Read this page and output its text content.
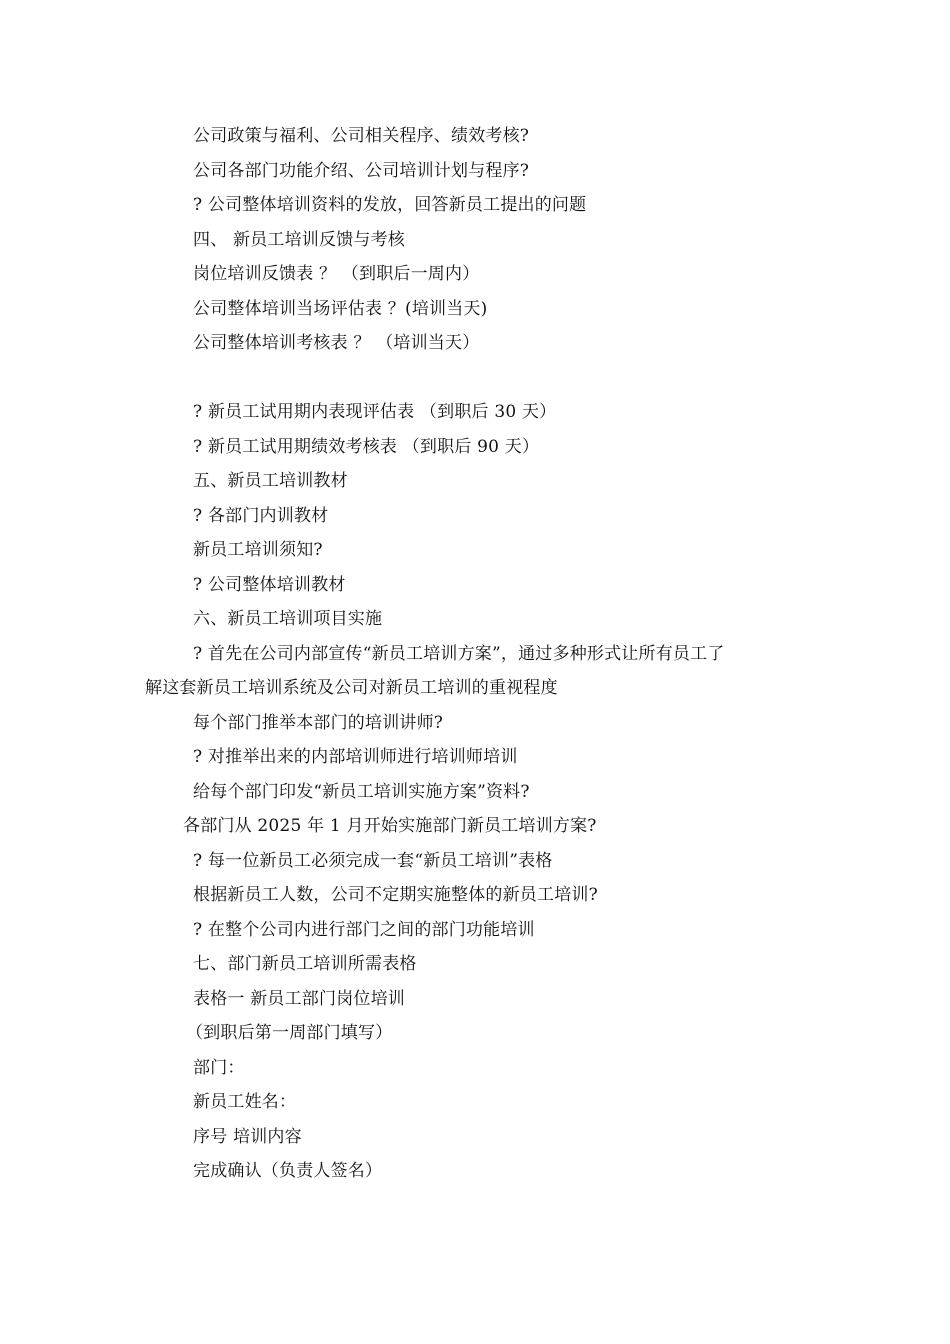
公司政策与福利、公司相关程序、绩效考核?
公司各部门功能介绍、公司培训计划与程序?
? 公司整体培训资料的发放，回答新员工提出的问题
四、 新员工培训反馈与考核
岗位培训反馈表 ？ （到职后一周内）
公司整体培训当场评估表 ？(培训当天)
公司整体培训考核表 ？ （培训当天）
? 新员工试用期内表现评估表 （到职后 30 天）
? 新员工试用期绩效考核表 （到职后 90 天）
五、新员工培训教材
? 各部门内训教材
新员工培训须知?
? 公司整体培训教材
六、新员工培训项目实施
? 首先在公司内部宣传“新员工培训方案”，通过多种形式让所有员工了
解这套新员工培训系统及公司对新员工培训的重视程度
每个部门推举本部门的培训讲师?
? 对推举出来的内部培训师进行培训师培训
给每个部门印发“新员工培训实施方案”资料?
各部门从 2025 年 1 月开始实施部门新员工培训方案?
? 每一位新员工必须完成一套“新员工培训”表格
根据新员工人数，公司不定期实施整体的新员工培训?
? 在整个公司内进行部门之间的部门功能培训
七、部门新员工培训所需表格
表格一 新员工部门岗位培训
（到职后第一周部门填写）
部门：
新员工姓名：
序号 培训内容
完成确认（负责人签名）
